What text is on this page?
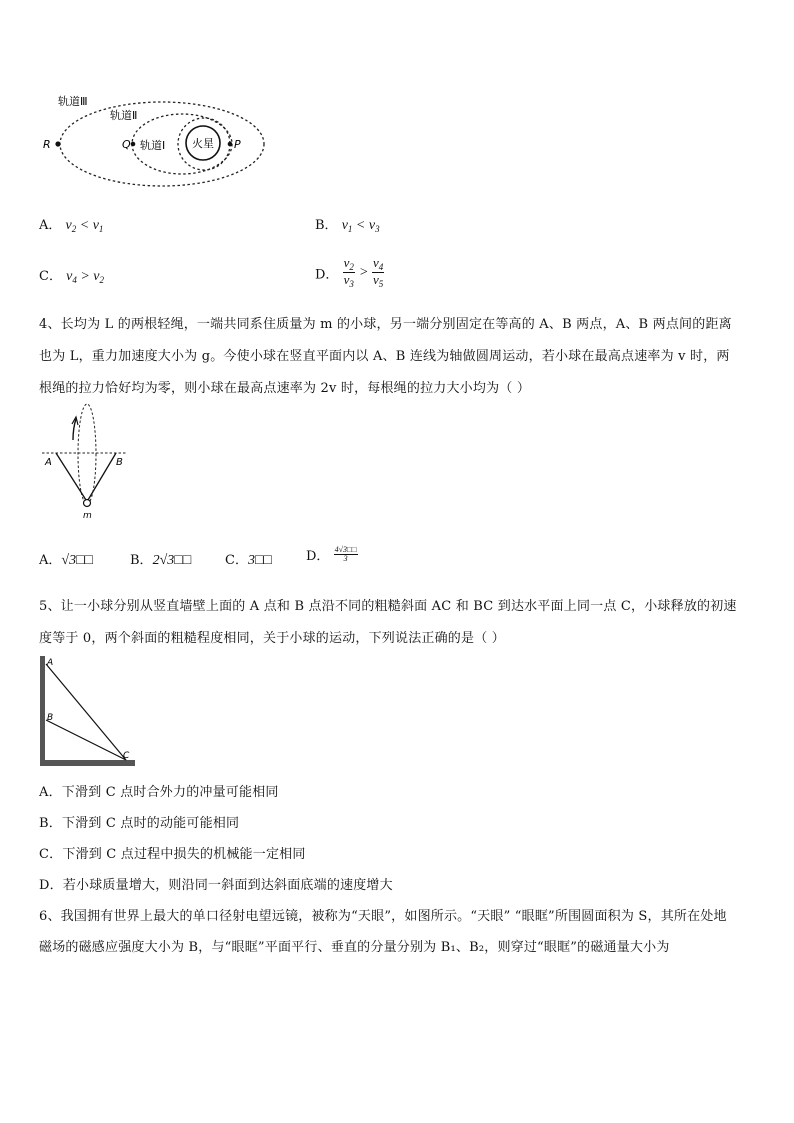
轨道Ⅲ
轨道Ⅱ
轨道Ⅰ 火星
R	Q	P
A． $v_2 < v_1$	B． $v_1 < v_3$
C． $v_4 > v_2$	D． $\frac{v_2}{v_3} > \frac{v_4}{v_5}$
4、长均为 L 的两根轻绳，一端共同系住质量为 m 的小球，另一端分别固定在等高的 A、B 两点，A、B 两点间的距离
也为 L，重力加速度大小为 g。今使小球在竖直平面内以 A、B 连线为轴做圆周运动，若小球在最高点速率为 v 时，两
根绳的拉力恰好均为零，则小球在最高点速率为 2v 时，每根绳的拉力大小均为（ ）
A	B
m
A．√3□□	B．2√3□□	C．3□□	D． $\frac{4√3□□}{3}$
5、让一小球分别从竖直墙壁上面的 A 点和 B 点沿不同的粗糙斜面 AC 和 BC 到达水平面上同一点 C，小球释放的初速
度等于 0，两个斜面的粗糙程度相同，关于小球的运动，下列说法正确的是（ ）
A
B
C
A．下滑到 C 点时合外力的冲量可能相同
B．下滑到 C 点时的动能可能相同
C．下滑到 C 点过程中损失的机械能一定相同
D．若小球质量增大，则沿同一斜面到达斜面底端的速度增大
6、我国拥有世界上最大的单口径射电望远镜，被称为“天眼”，如图所示。“天眼” “眼眶”所围圆面积为 S，其所在处地
磁场的磁感应强度大小为 B，与“眼眶”平面平行、垂直的分量分别为 B₁、B₂，则穿过“眼眶”的磁通量大小为
